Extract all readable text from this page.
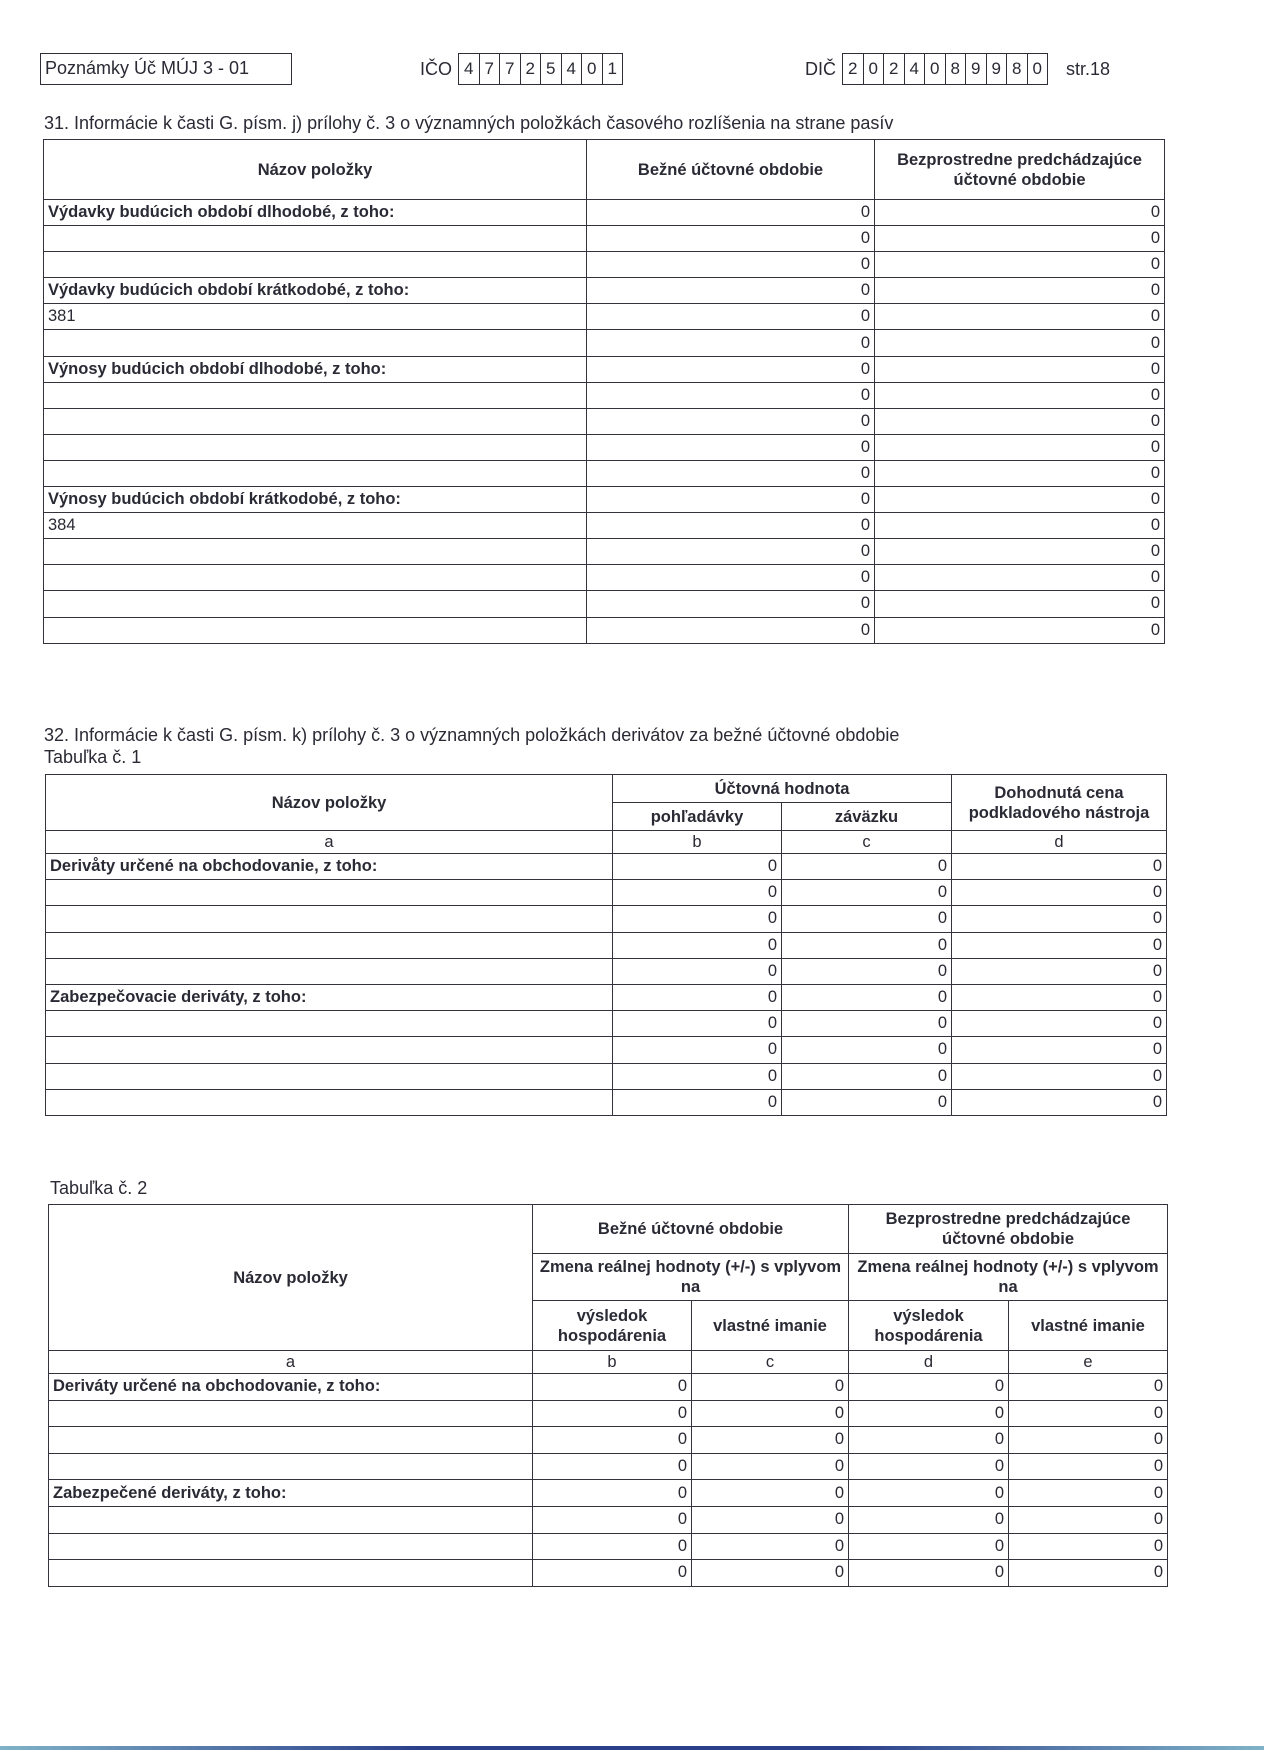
Poznámky Úč MÚJ 3 - 01	IČO 4 7 7 2 5 4 0 1	DIČ 2 0 2 4 0 8 9 9 8 0 str.18
31. Informácie k časti G. písm. j) prílohy č. 3 o významných položkách časového rozlíšenia na strane pasív
Názov položky	Bežné účtovné obdobie	Bezprostredne predchádzajúce účtovné obdobie
Výdavky budúcich období dlhodobé, z toho:	0	0
	0	0
	0	0
Výdavky budúcich období krátkodobé, z toho:	0	0
381	0	0
	0	0
Výnosy budúcich období dlhodobé, z toho:	0	0
	0	0
	0	0
	0	0
	0	0
Výnosy budúcich období krátkodobé, z toho:	0	0
384	0	0
	0	0
	0	0
	0	0
	0	0
32. Informácie k časti G. písm. k) prílohy č. 3 o významných položkách derivátov za bežné účtovné obdobie
Tabuľka č. 1
Názov položky	Účtovná hodnota		Dohodnutá cena podkladového nástroja
	pohľadávky	záväzku	
a	b	c	d
Derivåty určené na obchodovanie, z toho:	0	0	0
	0	0	0
	0	0	0
	0	0	0
	0	0	0
Zabezpečovacie deriváty, z toho:	0	0	0
	0	0	0
	0	0	0
	0	0	0
	0	0	0
Tabuľka č. 2
Názov položky	Bežné účtovné obdobie		Bezprostredne predchádzajúce účtovné obdobie	
	Zmena reálnej hodnoty (+/-) s vplyvom na		Zmena reálnej hodnoty (+/-) s vplyvom na	
	výsledok hospodárenia	vlastné imanie	výsledok hospodárenia	vlastné imanie
a	b	c	d	e
Deriváty určené na obchodovanie, z toho:	0	0	0	0
	0	0	0	0
	0	0	0	0
	0	0	0	0
Zabezpečené deriváty, z toho:	0	0	0	0
	0	0	0	0
	0	0	0	0
	0	0	0	0
